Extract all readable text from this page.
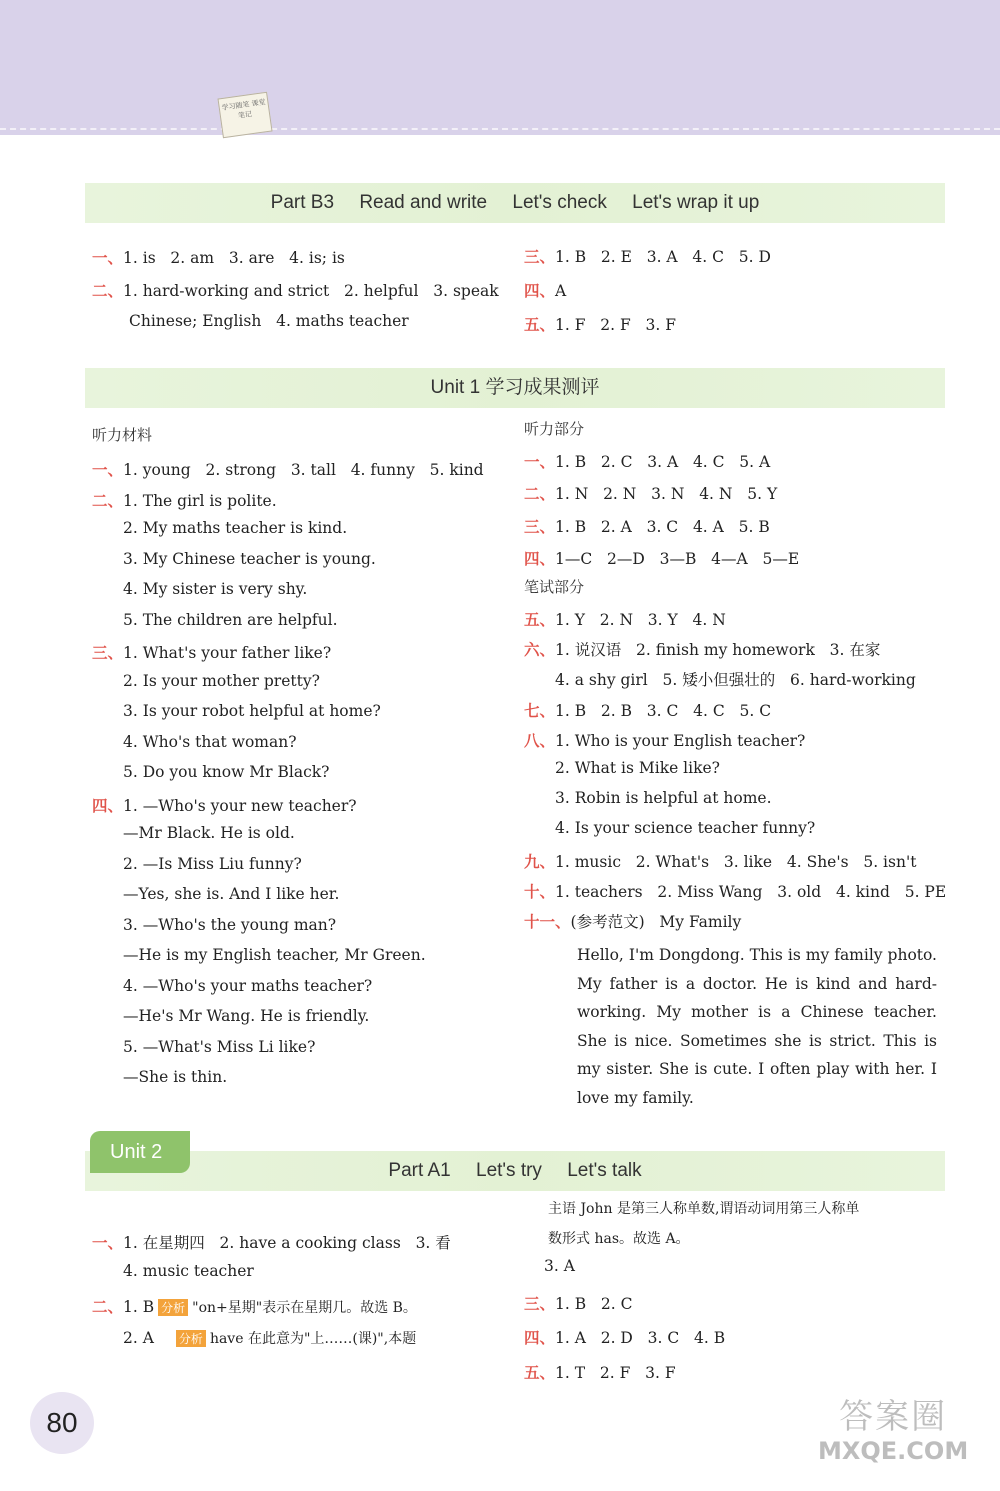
学习随笔 课堂笔记
Part B3 Read and write Let's check Let's wrap it up
一、1. is   2. am   3. are   4. is; is
二、1. hard-working and strict   2. helpful   3. speak
Chinese; English   4. maths teacher
三、1. B   2. E   3. A   4. C   5. D
四、A
五、1. F   2. F   3. F
Unit 1 学习成果测评
听力材料
一、1. young   2. strong   3. tall   4. funny   5. kind
二、1. The girl is polite.
2. My maths teacher is kind.
3. My Chinese teacher is young.
4. My sister is very shy.
5. The children are helpful.
三、1. What's your father like?
2. Is your mother pretty?
3. Is your robot helpful at home?
4. Who's that woman?
5. Do you know Mr Black?
四、1. —Who's your new teacher?
—Mr Black. He is old.
2. —Is Miss Liu funny?
—Yes, she is. And I like her.
3. —Who's the young man?
—He is my English teacher, Mr Green.
4. —Who's your maths teacher?
—He's Mr Wang. He is friendly.
5. —What's Miss Li like?
—She is thin.
听力部分
一、1. B   2. C   3. A   4. C   5. A
二、1. N   2. N   3. N   4. N   5. Y
三、1. B   2. A   3. C   4. A   5. B
四、1—C   2—D   3—B   4—A   5—E
笔试部分
五、1. Y   2. N   3. Y   4. N
六、1. 说汉语   2. finish my homework   3. 在家
4. a shy girl   5. 矮小但强壮的   6. hard-working
七、1. B   2. B   3. C   4. C   5. C
八、1. Who is your English teacher?
2. What is Mike like?
3. Robin is helpful at home.
4. Is your science teacher funny?
九、1. music   2. What's   3. like   4. She's   5. isn't
十、1. teachers   2. Miss Wang   3. old   4. kind   5. PE
十一、(参考范文)   My Family
Hello, I'm Dongdong. This is my family photo. My father is a doctor. He is kind and hard-working. My mother is a Chinese teacher. She is nice. Sometimes she is strict. This is my sister. She is cute. I often play with her. I love my family.
Part A1 Let's try Let's talk
Unit 2
一、1. 在星期四   2. have a cooking class   3. 看
4. music teacher
二、1. B 分析 "on+星期"表示在星期几。故选 B。
2. A 分析 have 在此意为"上……(课)",本题
主语 John 是第三人称单数,谓语动词用第三人称单
数形式 has。故选 A。
3. A
三、1. B   2. C
四、1. A   2. D   3. C   4. B
五、1. T   2. F   3. F
80	答案圈
MXQE.COM
